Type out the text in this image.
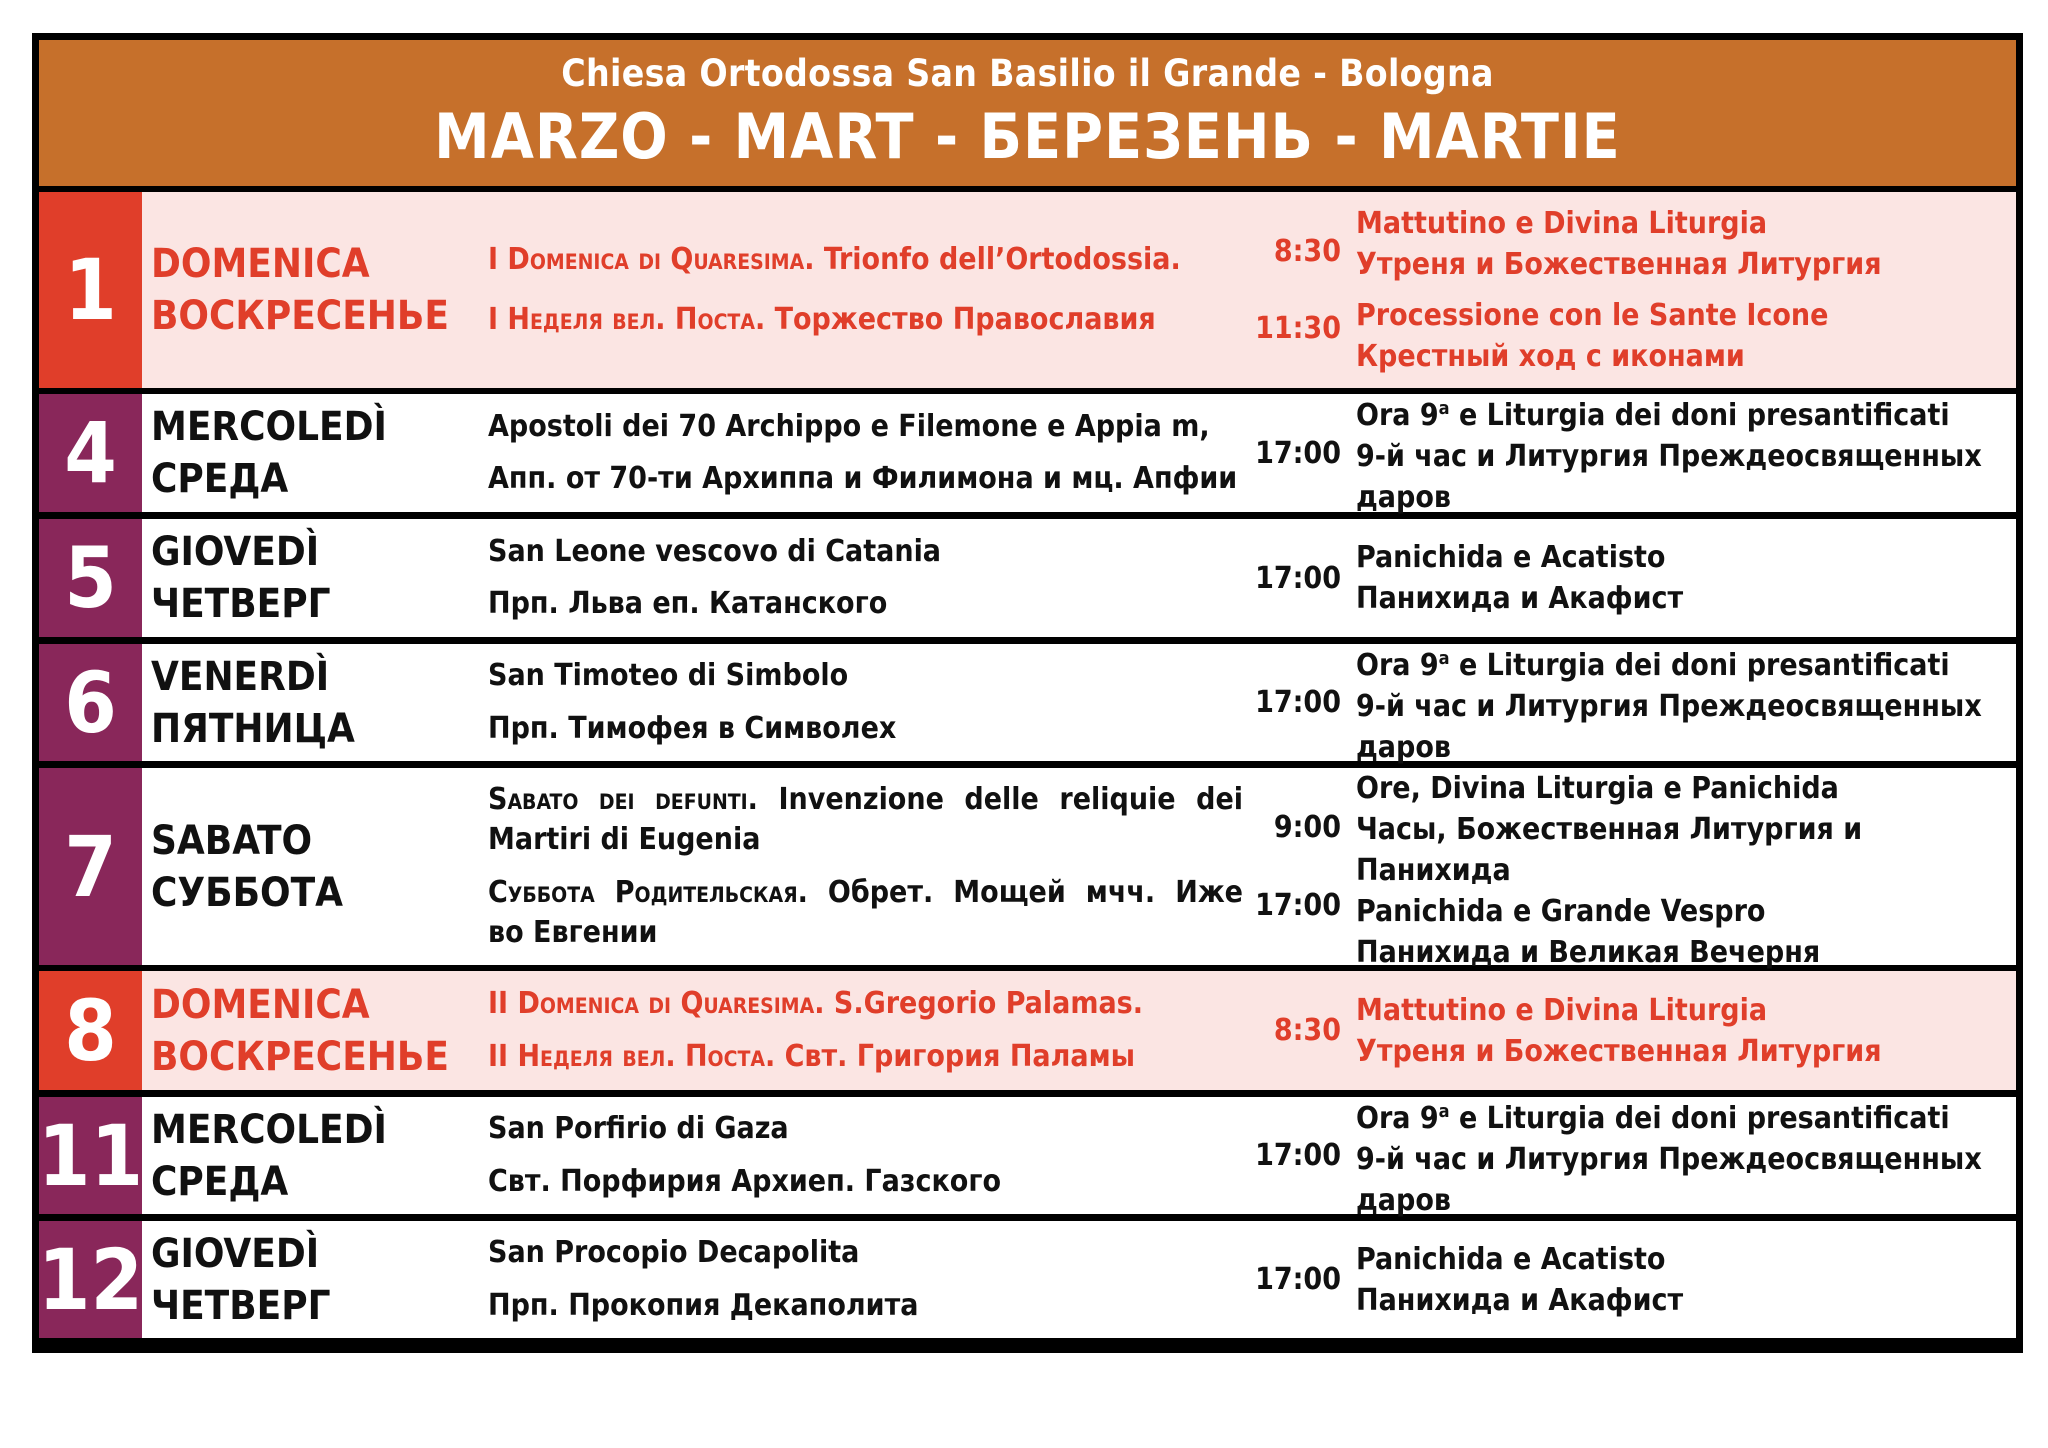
Chiesa Ortodossa San Basilio il Grande - Bologna
MARZO - MART - БЕРЕЗЕНЬ - MARTIE
1 DOMENICA
ВОСКРЕСЕНЬЕ
I Domenica di Quaresima. Trionfo dell’Ortodossia.
I Неделя вел. Поста. Торжество Православия
8:30
11:30
Mattutino e Divina Liturgia
Утреня и Божественная Литургия
Processione con le Sante Icone
Крестный ход с иконами
4 MERCOLEDÌ
СРЕДА
Apostoli dei 70 Archippo e Filemone e Appia m,
Апп. от 70-ти Архиппа и Филимона и мц. Апфии
17:00
Ora 9$^a$ e Liturgia dei doni presantificati
9-й час и Литургия Преждеосвященных даров
5 GIOVEDÌ
ЧЕТВЕРГ
San Leone vescovo di Catania
Прп. Льва еп. Катанского
17:00
Panichida e Acatisto
Панихида и Акафист
6 VENERDÌ
ПЯТНИЦА
San Timoteo di Simbolo
Прп. Тимофея в Символех
17:00
Ora 9$^a$ e Liturgia dei doni presantificati
9-й час и Литургия Преждеосвященных даров
7 SABATO
СУББОТА
Sabato dei defunti. Invenzione delle reliquie dei
Martiri di Eugenia
Суббота Родительская. Обрет. Мощей мчч. Иже
во Евгении
9:00
17:00
Ore, Divina Liturgia e Panichida
Часы, Божественная Литургия и Панихида
Panichida e Grande Vespro
Панихида и Великая Вечерня
8 DOMENICA
ВОСКРЕСЕНЬЕ
II Domenica di Quaresima. S.Gregorio Palamas.
II Неделя вел. Поста. Свт. Григория Паламы
8:30
Mattutino e Divina Liturgia
Утреня и Божественная Литургия
11 MERCOLEDÌ
СРЕДА
San Porfirio di Gaza
Свт. Порфирия Архиеп. Газского
17:00
Ora 9$^a$ e Liturgia dei doni presantificati
9-й час и Литургия Преждеосвященных даров
12 GIOVEDÌ
ЧЕТВЕРГ
San Procopio Decapolita
Прп. Прокопия Декаполита
17:00
Panichida e Acatisto
Панихида и Акафист
